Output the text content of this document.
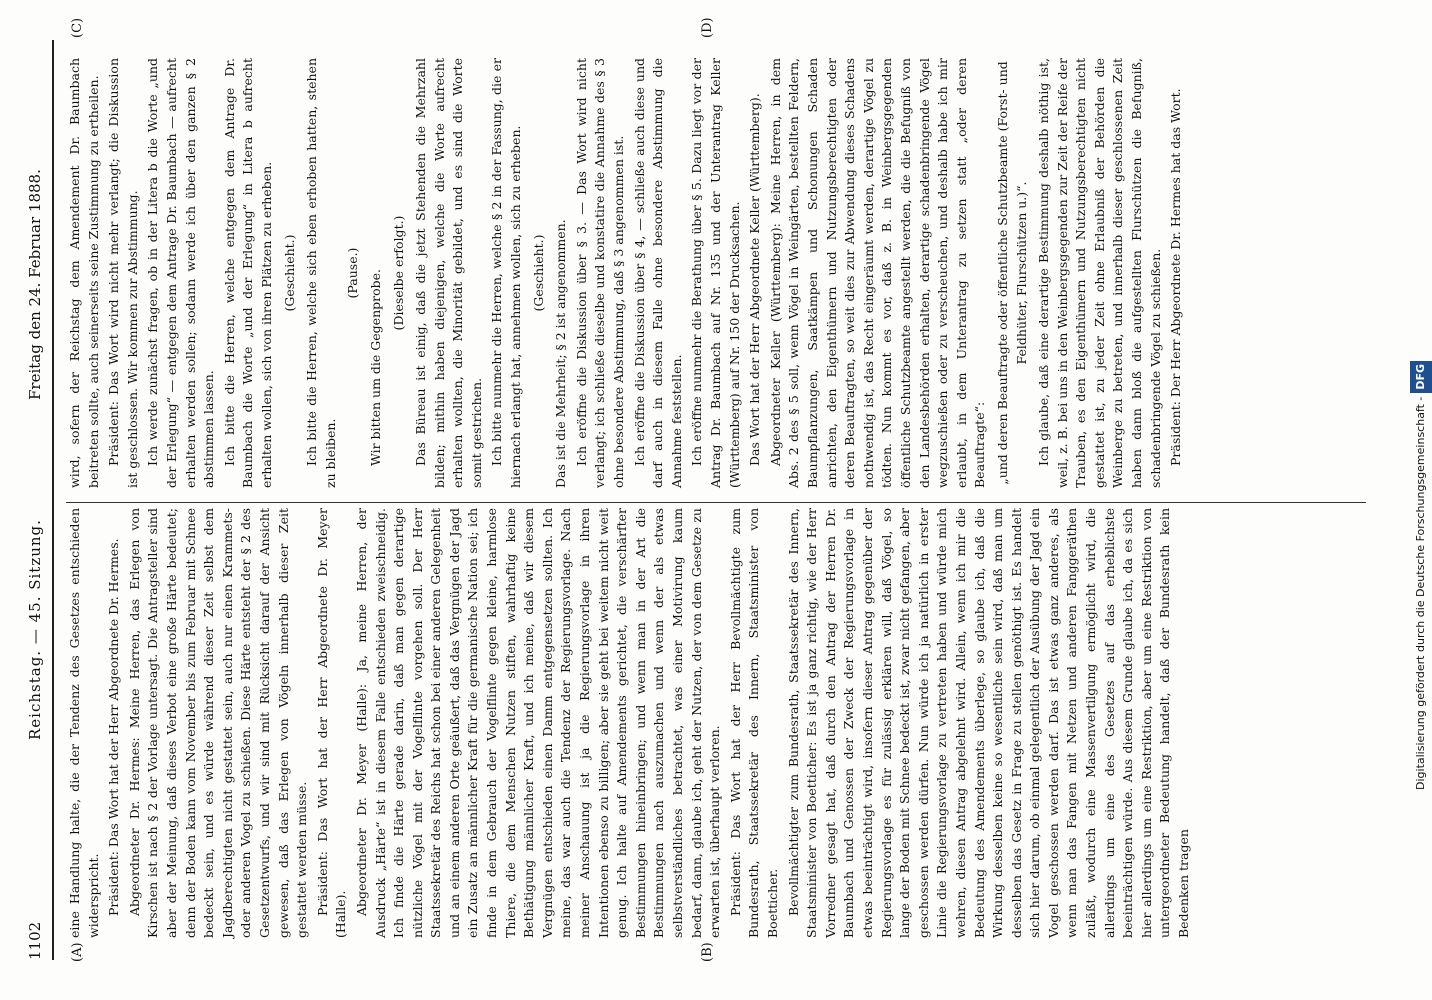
1102
Reichstag. — 45. Sitzung.
Freitag den 24. Februar 1888.
(A)	(B)
(C)	(D)

eine Handlung halte, die der Tendenz des Gesetzes entschieden widerspricht. Präsident: Das Wort hat der Herr Abgeordnete Dr. Hermes. Abgeordneter Dr. Hermes: Meine Herren, das Erlegen von Kirschen ist nach § 2 der Vorlage untersagt. Die Antragsteller sind aber der Meinung, daß dieses Verbot eine große Härte bedeutet; denn der Boden kann vom November bis zum Februar mit Schnee bedeckt sein, und es würde während dieser Zeit selbst dem Jagdberechtigten nicht gestattet sein, auch nur einen Krammets- oder anderen Vogel zu schießen. Diese Härte entsteht der § 2 des Gesetzentwurfs, und wir sind mit Rücksicht darauf der Ansicht gewesen, daß das Erlegen von Vögeln innerhalb dieser Zeit gestattet werden müsse. Präsident: Das Wort hat der Herr Abgeordnete Dr. Meyer (Halle). Abgeordneter Dr. Meyer (Halle): Ja, meine Herren, der Ausdruck „Härte“ ist in diesem Falle entschieden zweischneidig. Ich finde die Härte gerade darin, daß man gegen derartige nützliche Vögel mit der Vogelflinte vorgehen soll. Der Herr Staatssekretär des Reichs hat schon bei einer anderen Gelegenheit und an einem anderen Orte geäußert, daß das Vergnügen der Jagd ein Zusatz an männlicher Kraft für die germanische Nation sei; ich finde in dem Gebrauch der Vogelflinte gegen kleine, harmlose Thiere, die dem Menschen Nutzen stiften, wahrhaftig keine Bethätigung männlicher Kraft, und ich meine, daß wir diesem Vergnügen entschieden einen Damm entgegensetzen sollten. Ich meine, das war auch die Tendenz der Regierungsvorlage. Nach meiner Anschauung ist ja die Regierungsvorlage in ihren Intentionen ebenso zu billigen; aber sie geht bei weitem nicht weit genug. Ich halte auf Amendements gerichtet, die verschärfter Bestimmungen hineinbringen; und wenn man in der Art die Bestimmungen nach auszumachen und wenn der als etwas selbstverständliches betrachtet, was einer Motivirung kaum bedarf, dann, glaube ich, geht der Nutzen, der von dem Gesetze zu erwarten ist, überhaupt verloren. Präsident: Das Wort hat der Herr Bevollmächtigte zum Bundesrath, Staatssekretär des Innern, Staatsminister von Boetticher. Bevollmächtigter zum Bundesrath, Staatssekretär des Innern, Staatsminister von Boetticher: Es ist ja ganz richtig, wie der Herr Vorredner gesagt hat, daß durch den Antrag der Herren Dr. Baumbach und Genossen der Zweck der Regierungsvorlage in etwas beeinträchtigt wird, insofern dieser Antrag gegenüber der Regierungsvorlage es für zulässig erklären will, daß Vögel, so lange der Boden mit Schnee bedeckt ist, zwar nicht gefangen, aber geschossen werden dürfen. Nun würde ich ja natürlich in erster Linie die Regierungsvorlage zu vertreten haben und würde mich wehren, diesen Antrag abgelehnt wird. Allein, wenn ich mir die Bedeutung des Amendements überlege, so glaube ich, daß die Wirkung desselben keine so wesentliche sein wird, daß man um desselben das Gesetz in Frage zu stellen genöthigt ist. Es handelt sich hier darum, ob einmal gelegentlich der Ausübung der Jagd ein Vogel geschossen werden darf. Das ist etwas ganz anderes, als wenn man das Fangen mit Netzen und anderen Fanggeräthen zuläßt, wodurch eine Massenvertilgung ermöglicht wird, die allerdings um eine des Gesetzes auf das erheblichste beeinträchtigen würde. Aus diesem Grunde glaube ich, da es sich hier allerdings um eine Restriktion, aber um eine Restriktion von untergeordneter Bedeutung handelt, daß der Bundesrath kein Bedenken tragen

wird, sofern der Reichstag dem Amendement Dr. Baumbach beitreten sollte, auch seinerseits seine Zustimmung zu ertheilen. Präsident: Das Wort wird nicht mehr verlangt; die Diskussion ist geschlossen. Wir kommen zur Abstimmung. Ich werde zunächst fragen, ob in der Litera b die Worte „und der Erlegung“ — entgegen dem Antrage Dr. Baumbach — aufrecht erhalten werden sollen; sodann werde ich über den ganzen § 2 abstimmen lassen. Ich bitte die Herren, welche entgegen dem Antrage Dr. Baumbach die Worte „und der Erlegung“ in Litera b aufrecht erhalten wollen, sich von ihren Plätzen zu erheben. (Geschieht.) Ich bitte die Herren, welche sich eben erhoben hatten, stehen zu bleiben.

(Pause.) Wir bitten um die Gegenprobe. (Dieselbe erfolgt.) Das Büreau ist einig, daß die jetzt Stehenden die Mehrzahl bilden; mithin haben diejenigen, welche die Worte aufrecht erhalten wollten, die Minorität gebildet, und es sind die Worte somit gestrichen. Ich bitte nunmehr die Herren, welche § 2 in der Fassung, die er hiernach erlangt hat, annehmen wollen, sich zu erheben. (Geschieht.) Das ist die Mehrheit; § 2 ist angenommen. Ich eröffne die Diskussion über § 3. — Das Wort wird nicht verlangt; ich schließe dieselbe und konstatire die Annahme des § 3 ohne besondere Abstimmung, daß § 3 angenommen ist. Ich eröffne die Diskussion über § 4, — schließe auch diese und darf auch in diesem Falle ohne besondere Abstimmung die Annahme feststellen. Ich eröffne nunmehr die Berathung über § 5. Dazu liegt vor der Antrag Dr. Baumbach auf Nr. 135 und der Unterantrag Keller (Württemberg) auf Nr. 150 der Drucksachen. Das Wort hat der Herr Abgeordnete Keller (Württemberg). Abgeordneter Keller (Württemberg): Meine Herren, in dem Abs. 2 des § 5 soll, wenn Vögel in Weingärten, bestellten Feldern, Baumpflanzungen, Saatkämpen und Schonungen Schaden anrichten, den Eigenthümern und Nutzungsberechtigten oder deren Beauftragten, so weit dies zur Abwendung dieses Schadens nothwendig ist, das Recht eingeräumt werden, derartige Vögel zu tödten. Nun kommt es vor, daß z. B. in Weinbergsgegenden öffentliche Schutzbeamte angestellt werden, die die Befugniß von den Landesbehörden erhalten, derartige schadenbringende Vögel wegzuschießen oder zu verscheuchen, und deshalb habe ich mir erlaubt, in dem Unterantrag zu setzen statt „oder deren Beauftragte“: „und deren Beauftragte oder öffentliche Schutzbeamte (Forst- und Feldhüter, Flurschützen u.)“. Ich glaube, daß eine derartige Bestimmung deshalb nöthig ist, weil, z. B. bei uns in den Weinbergsgegenden zur Zeit der Reife der Trauben, es den Eigenthümern und Nutzungsberechtigten nicht gestattet ist, zu jeder Zeit ohne Erlaubniß der Behörden die Weinberge zu betreten, und innerhalb dieser geschlossenen Zeit haben dann bloß die aufgestellten Flurschützen die Befugniß, schadenbringende Vögel zu schießen. Präsident: Der Herr Abgeordnete Dr. Hermes hat das Wort.

Digitalisierung gefördert durch die Deutsche Forschungsgemeinschaft -DFG
